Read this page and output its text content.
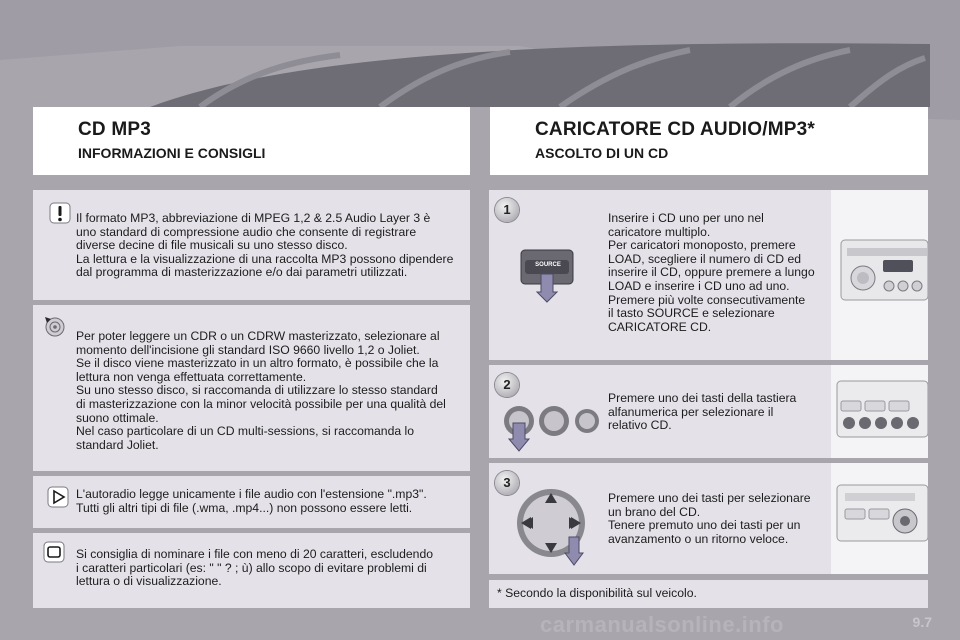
CD MP3
INFORMAZIONI E CONSIGLI
CARICATORE CD AUDIO/MP3*
ASCOLTO DI UN CD
Il formato MP3, abbreviazione di MPEG 1,2 & 2.5 Audio Layer 3 è
uno standard di compressione audio che consente di registrare
diverse decine di file musicali su uno stesso disco.
La lettura e la visualizzazione di una raccolta MP3 possono dipendere
dal programma di masterizzazione e/o dai parametri utilizzati.
Per poter leggere un CDR o un CDRW masterizzato, selezionare al
momento dell'incisione gli standard ISO 9660 livello 1,2 o Joliet.
Se il disco viene masterizzato in un altro formato, è possibile che la
lettura non venga effettuata correttamente.
Su uno stesso disco, si raccomanda di utilizzare lo stesso standard
di masterizzazione con la minor velocità possibile per una qualità del
suono ottimale.
Nel caso particolare di un CD multi-sessions, si raccomanda lo
standard Joliet.
L'autoradio legge unicamente i file audio con l'estensione ".mp3".
Tutti gli altri tipi di file (.wma, .mp4...) non possono essere letti.
Si consiglia di nominare i file con meno di 20 caratteri, escludendo
i caratteri particolari (es: " " ? ; ù) allo scopo di evitare problemi di
lettura o di visualizzazione.
1
SOURCE
Inserire i CD uno per uno nel
caricatore multiplo.
Per caricatori monoposto, premere
LOAD, scegliere il numero di CD ed
inserire il CD, oppure premere a lungo
LOAD e inserire i CD uno ad uno.
Premere più volte consecutivamente
il tasto SOURCE e selezionare
CARICATORE CD.
2
Premere uno dei tasti della tastiera
alfanumerica per selezionare il
relativo CD.
3
Premere uno dei tasti per selezionare
un brano del CD.
Tenere premuto uno dei tasti per un
avanzamento o un ritorno veloce.
* Secondo la disponibilità sul veicolo.
9.7
carmanualsonline.info
